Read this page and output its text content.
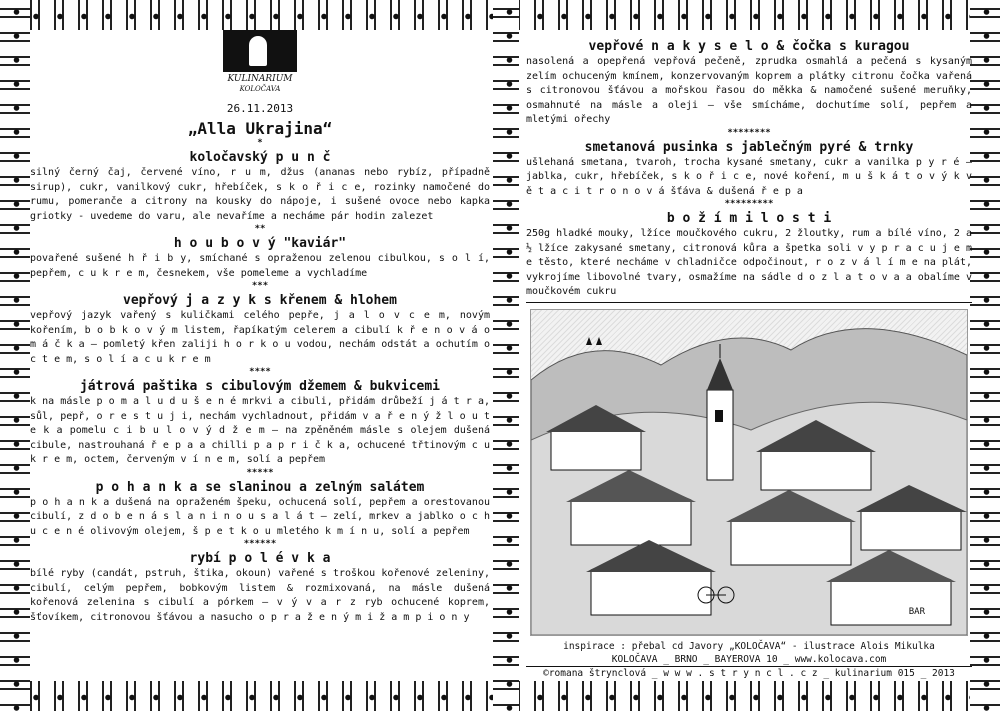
KULINARIUM
KOLOČAVA
26.11.2013
„Alla Ukrajina“
*
koločavský p u n č
silný černý čaj, červené víno, r u m, džus (ananas nebo rybíz, případně sirup), cukr, vanilkový cukr, hřebíček, s k o ř i c e, rozinky namočené do rumu, pomeranče a citrony na kousky do nápoje, i sušené ovoce nebo kapka griotky - uvedeme do varu, ale nevaříme a necháme pár hodin zalezet
**
h o u b o v ý "kaviár"
povařené sušené h ř i b y, smíchané s opraženou zelenou cibulkou, s o l í, pepřem, c u k r e m, česnekem, vše pomeleme a vychladíme
***
vepřový j a z y k s křenem & hlohem
vepřový jazyk vařený s kuličkami celého pepře, j a l o v c e m, novým kořením, b o b k o v ý m listem, řapíkatým celerem a cibulí k ř e n o v á o m á č k a – pomletý křen zaliji h o r k o u vodou, nechám odstát a ochutím o c t e m, s o l í a c u k r e m
****
játrová paštika s cibulovým džemem & bukvicemi
k na másle p o m a l u d u š e n é mrkvi a cibuli, přidám drůbeží j á t r a, sůl, pepř, o r e s t u j i, nechám vychladnout, přidám v a ř e n ý ž l o u t e k a pomelu c i b u l o v ý d ž e m – na zpěněném másle s olejem dušená cibule, nastrouhaná ř e p a a chilli p a p r i č k a, ochucené třtinovým c u k r e m, octem, červeným v í n e m, solí a pepřem
*****
p o h a n k a se slaninou a zelným salátem
p o h a n k a dušená na opraženém špeku, ochucená solí, pepřem a orestovanou cibulí, z d o b e n á s l a n i n o u s a l á t – zelí, mrkev a jablko o c h u c e n é olivovým olejem, š p e t k o u mletého k m í n u, solí a pepřem
******
rybí p o l é v k a
bílé ryby (candát, pstruh, štika, okoun) vařené s troškou kořenové zeleniny, cibulí, celým pepřem, bobkovým listem & rozmixovaná, na másle dušená kořenová zelenina s cibulí a pórkem – v ý v a r z ryb ochucené koprem, šťovíkem, citronovou šťávou a nasucho o p r a ž e n ý m i ž a m p i o n y
vepřové n a k y s e l o & čočka s kuragou
nasolená a opepřená vepřová pečeně, zprudka osmahlá a pečená s kysaným zelím ochuceným kmínem, konzervovaným koprem a plátky citronu čočka vařená s citronovou šťávou a mořskou řasou do měkka & namočené sušené meruňky, osmahnuté na másle a oleji – vše smícháme, dochutíme solí, pepřem a mletými ořechy
********
smetanová pusinka s jablečným pyré & trnky
ušlehaná smetana, tvaroh, trocha kysané smetany, cukr a vanilka p y r é – jablka, cukr, hřebíček, s k o ř i c e, nové koření, m u š k á t o v ý k v ě t a c i t r o n o v á šťáva & dušená ř e p a
*********
b o ž í m i l o s t i
250g hladké mouky, lžíce moučkového cukru, 2 žloutky, rum a bílé víno, 2 a ½ lžíce zakysané smetany, citronová kůra a špetka soli v y p r a c u j e m e těsto, které necháme v chladničce odpočinout, r o z v á l í m e na plát, vykrojíme libovolné tvary, osmažíme na sádle d o z l a t o v a a obalíme v moučkovém cukru
BAR
inspirace : přebal cd Javory „KOLOČAVA“ - ilustrace Alois Mikulka
KOLOČAVA _ BRNO _ BAYEROVA 10 _ www.kolocava.com
©romana štrynclová _ w w w . s t r y n c l . c z _ kulinarium 015 _ 2013
